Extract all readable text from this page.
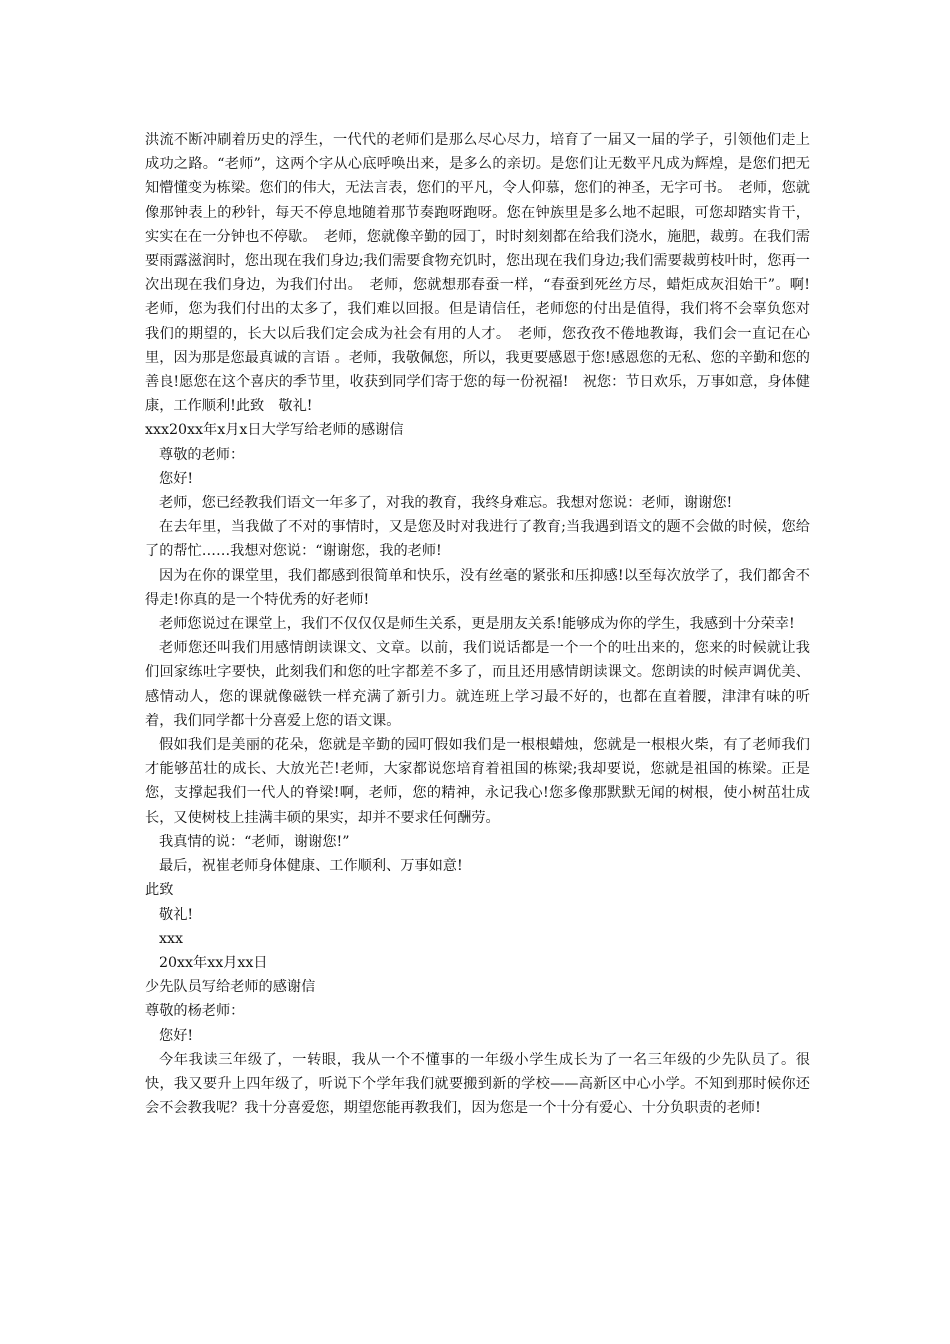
洪流不断冲刷着历史的浮生，一代代的老师们是那么尽心尽力，培育了一届又一届的学子，引领他们走上成功之路。“老师”，这两个字从心底呼唤出来，是多么的亲切。是您们让无数平凡成为辉煌，是您们把无知懵懂变为栋梁。您们的伟大，无法言表，您们的平凡，令人仰慕，您们的神圣，无字可书。　老师，您就像那钟表上的秒针，每天不停息地随着那节奏跑呀跑呀。您在钟族里是多么地不起眼，可您却踏实肯干，实实在在一分钟也不停歇。　老师，您就像辛勤的园丁，时时刻刻都在给我们浇水，施肥，裁剪。在我们需要雨露滋润时，您出现在我们身边;我们需要食物充饥时，您出现在我们身边;我们需要裁剪枝叶时，您再一次出现在我们身边，为我们付出。　老师，您就想那春蚕一样，“春蚕到死丝方尽，蜡炬成灰泪始干”。啊!老师，您为我们付出的太多了，我们难以回报。但是请信任，老师您的付出是值得，我们将不会辜负您对我们的期望的，长大以后我们定会成为社会有用的人才。　老师，您孜孜不倦地教诲，我们会一直记在心里，因为那是您最真诚的言语 。老师，我敬佩您，所以，我更要感恩于您!感恩您的无私、您的辛勤和您的善良!愿您在这个喜庆的季节里，收获到同学们寄于您的每一份祝福!　祝您：节日欢乐，万事如意，身体健康，工作顺利!此致　敬礼!

xxx20xx年x月x日大学写给老师的感谢信

尊敬的老师：

您好!

老师，您已经教我们语文一年多了，对我的教育，我终身难忘。我想对您说：老师，谢谢您!

在去年里，当我做了不对的事情时，又是您及时对我进行了教育;当我遇到语文的题不会做的时候，您给了的帮忙……我想对您说：“谢谢您，我的老师!

因为在你的课堂里，我们都感到很简单和快乐，没有丝毫的紧张和压抑感!以至每次放学了，我们都舍不得走!你真的是一个特优秀的好老师!

老师您说过在课堂上，我们不仅仅仅是师生关系，更是朋友关系!能够成为你的学生，我感到十分荣幸!

老师您还叫我们用感情朗读课文、文章。以前，我们说话都是一个一个的吐出来的，您来的时候就让我们回家练吐字要快，此刻我们和您的吐字都差不多了，而且还用感情朗读课文。您朗读的时候声调优美、感情动人，您的课就像磁铁一样充满了新引力。就连班上学习最不好的，也都在直着腰，津津有味的听着，我们同学都十分喜爱上您的语文课。

假如我们是美丽的花朵，您就是辛勤的园叮假如我们是一根根蜡烛，您就是一根根火柴，有了老师我们才能够茁壮的成长、大放光芒!老师，大家都说您培育着祖国的栋梁;我却要说，您就是祖国的栋梁。正是您，支撑起我们一代人的脊梁!啊，老师，您的精神，永记我心!您多像那默默无闻的树根，使小树茁壮成长，又使树枝上挂满丰硕的果实，却并不要求任何酬劳。

我真情的说：“老师，谢谢您!”

最后，祝崔老师身体健康、工作顺利、万事如意!

此致

敬礼!

xxx

20xx年xx月xx日

少先队员写给老师的感谢信

尊敬的杨老师：

您好!

今年我读三年级了，一转眼，我从一个不懂事的一年级小学生成长为了一名三年级的少先队员了。很快，我又要升上四年级了，听说下个学年我们就要搬到新的学校——高新区中心小学。不知到那时候你还会不会教我呢？我十分喜爱您，期望您能再教我们，因为您是一个十分有爱心、十分负职责的老师!
